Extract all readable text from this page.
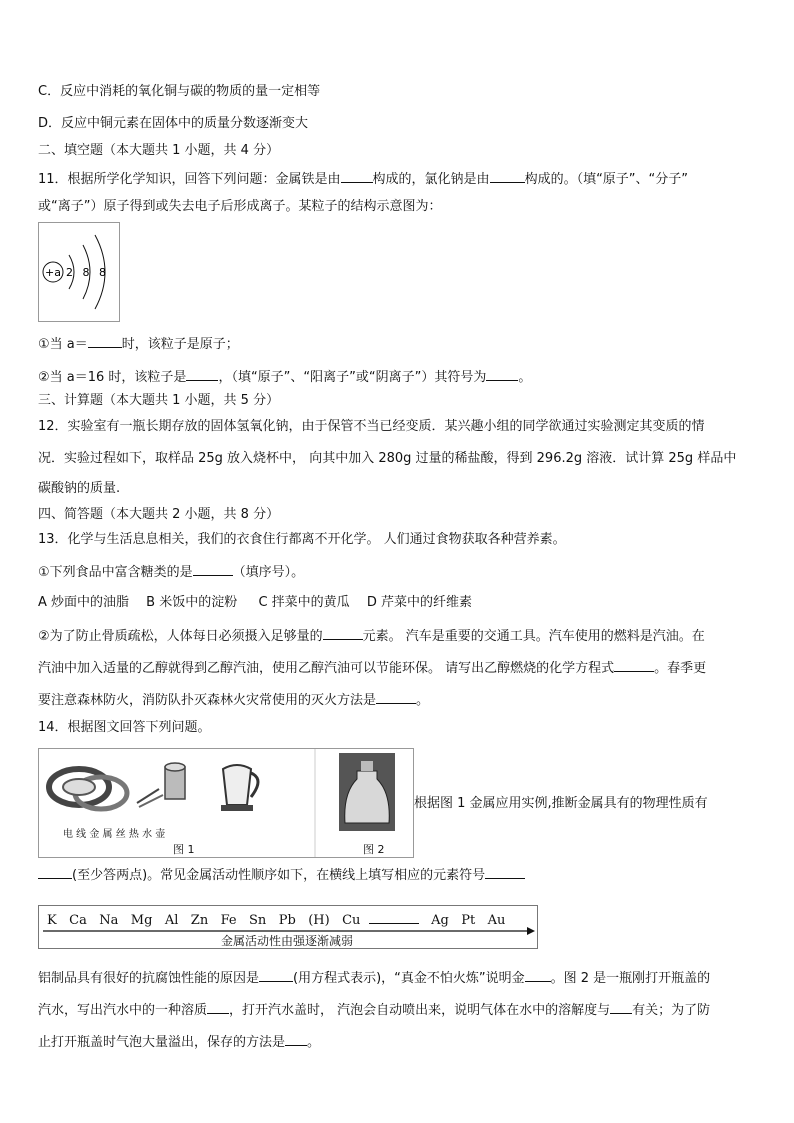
C．反应中消耗的氧化铜与碳的物质的量一定相等
D．反应中铜元素在固体中的质量分数逐渐变大
二、填空题（本大题共 1 小题，共 4 分）
11．根据所学化学知识，回答下列问题：金属铁是由 构成的，氯化钠是由	构成的。（填“原子”、“分子”
或“离子”）原子得到或失去电子后形成离子。某粒子的结构示意图为：
+a 2 8 8
①当 a＝	时，该粒子是原子；
②当 a＝16 时，该粒子是 ，（填“原子”、“阳离子”或“阴离子”）其符号为 。
三、计算题（本大题共 1 小题，共 5 分）
12．实验室有一瓶长期存放的固体氢氧化钠，由于保管不当已经变质．某兴趣小组的同学欲通过实验测定其变质的情
况．实验过程如下，取样品 25g 放入烧杯中， 向其中加入 280g 过量的稀盐酸，得到 296.2g 溶液．试计算 25g 样品中
碳酸钠的质量.
四、简答题（本大题共 2 小题，共 8 分）
13．化学与生活息息相关，我们的衣食住行都离不开化学。 人们通过食物获取各种营养素。
①下列食品中富含糖类的是	（填序号）。
A 炒面中的油脂 　B 米饭中的淀粉 　 C 拌菜中的黄瓜 　D 芹菜中的纤维素
②为了防止骨质疏松，人体每日必须摄入足够量的	元素。 汽车是重要的交通工具。汽车使用的燃料是汽油。在
汽油中加入适量的乙醇就得到乙醇汽油，使用乙醇汽油可以节能环保。 请写出乙醇燃烧的化学方程式	。春季更
要注意森林防火，消防队扑灭森林火灾常使用的灭火方法是	。
14．根据图文回答下列问题。
电 线 金 属 丝 热 水 壶
图 1	图 2
根据图 1 金属应用实例,推断金属具有的物理性质有
(至少答两点)。常见金属活动性顺序如下，在横线上填写相应的元素符号
K Ca Na Mg Al Zn Fe Sn Pb (H) Cu	Ag Pt Au
金属活动性由强逐渐减弱
铝制品具有很好的抗腐蚀性能的原因是	(用方程式表示)，“真金不怕火炼”说明金 。图 2 是一瓶刚打开瓶盖的
汽水，写出汽水中的一种溶质 ，打开汽水盖时， 汽泡会自动喷出来，说明气体在水中的溶解度与 有关；为了防
止打开瓶盖时气泡大量溢出，保存的方法是 。
